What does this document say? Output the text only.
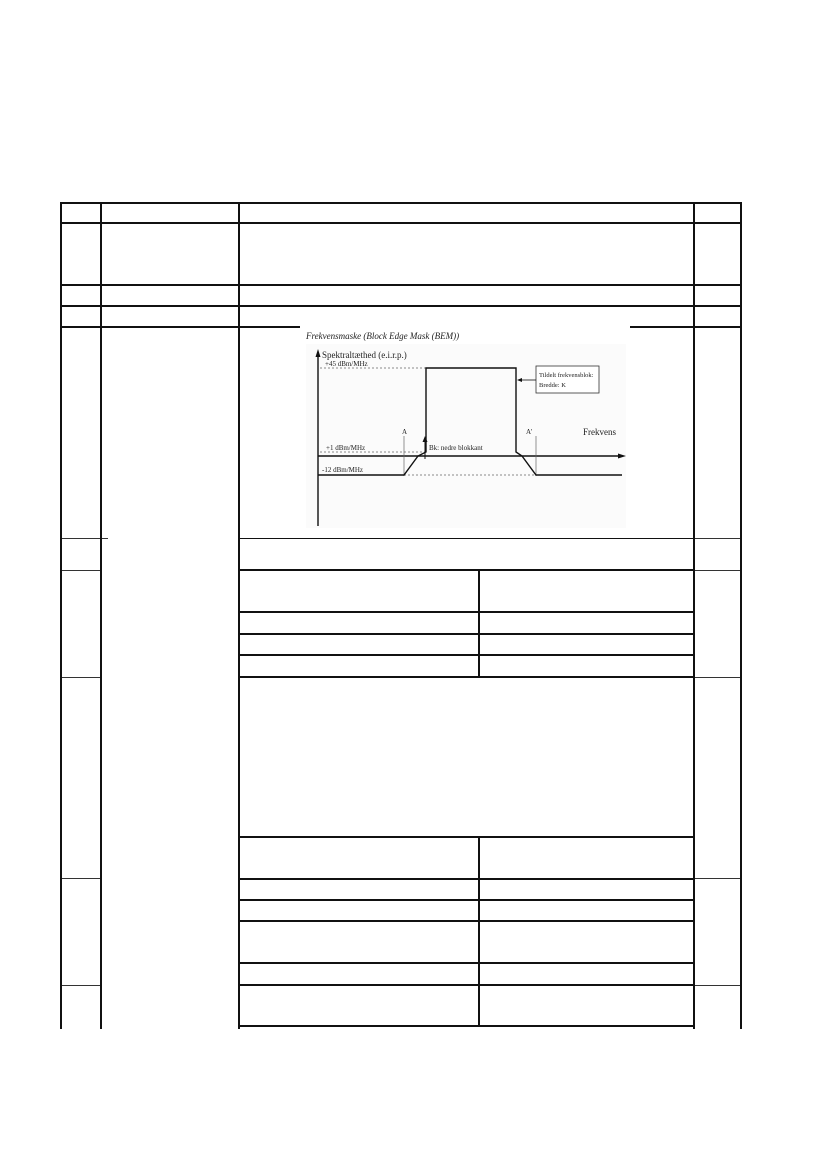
Frekvensmaske (Block Edge Mask (BEM))
Spektraltæthed (e.i.r.p.)
Frekvens
+45 dBm/MHz
+1 dBm/MHz
-12 dBm/MHz
A	A'
Bk: nedre blokkant
Tildelt frekvensblok:
Bredde: K
